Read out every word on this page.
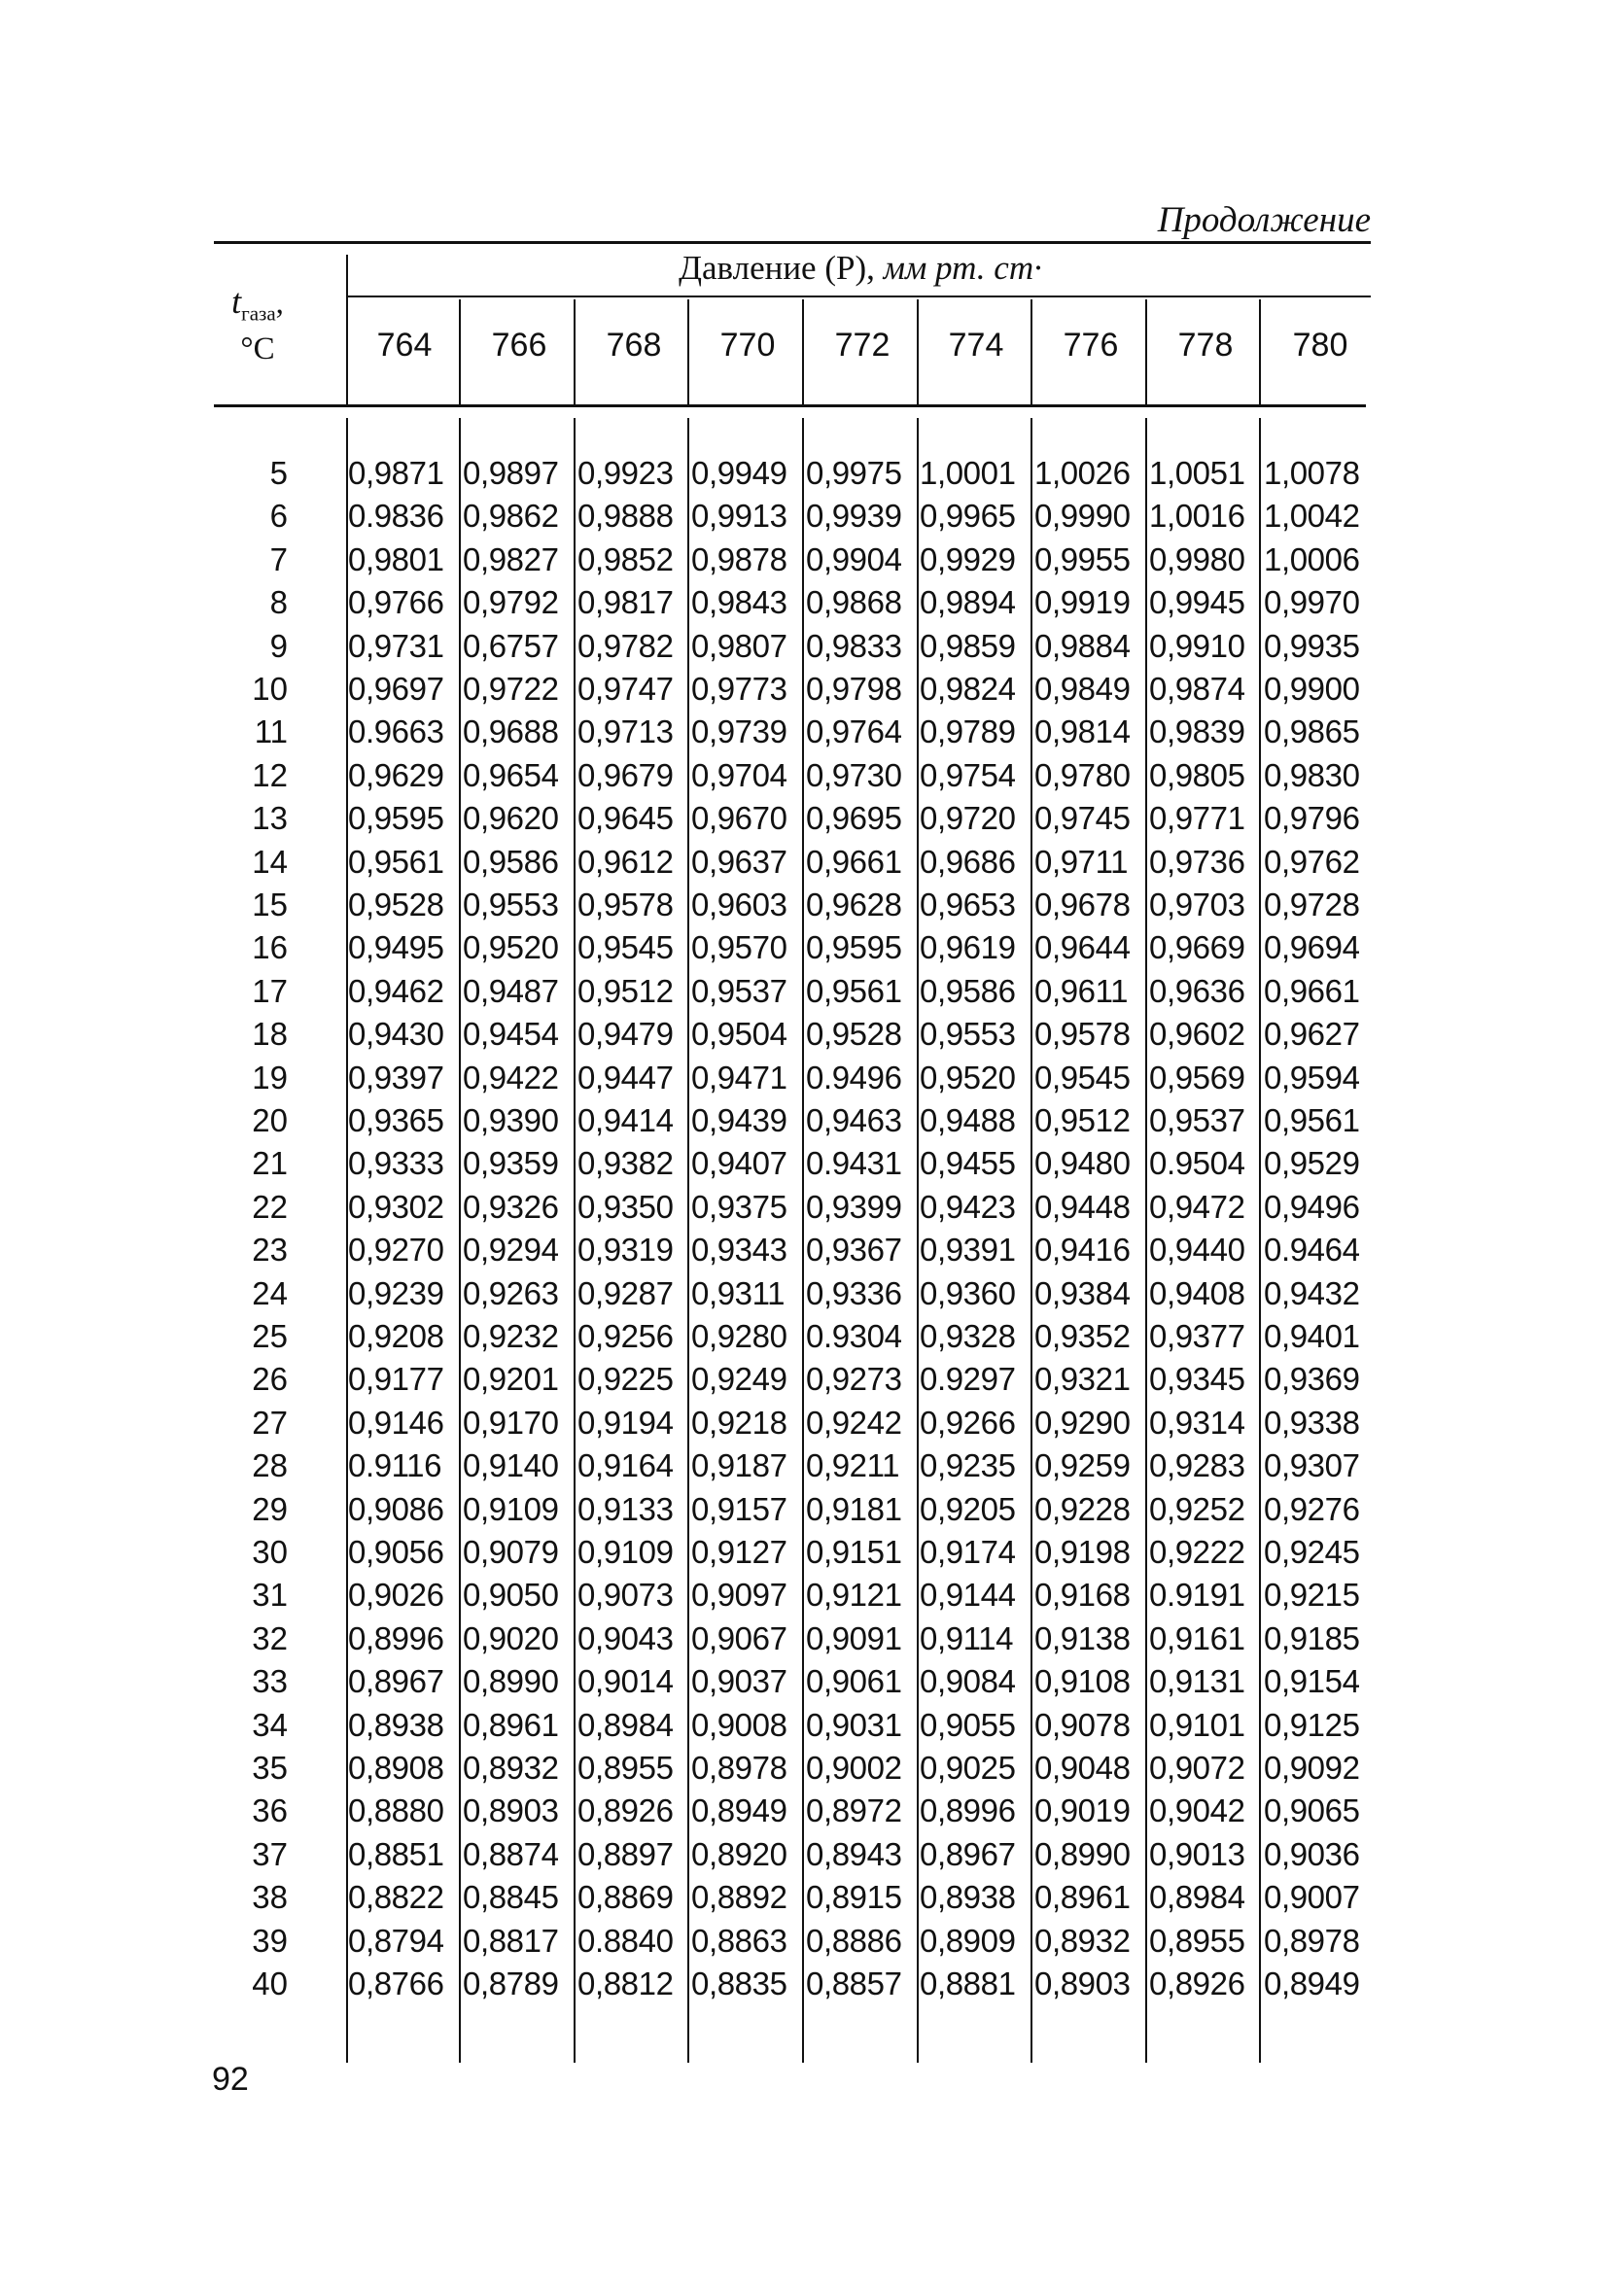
Продолжение
Давление (Р), мм рт. ст·
$t_{газа}$,
°C	764	766	768	770	772	774	776	778	780
5 0,9871 0,9897 0,9923 0,9949 0,9975 1,0001 1,0026 1,0051 1,0078
6 0.9836 0,9862 0,9888 0,9913 0,9939 0,9965 0,9990 1,0016 1,0042
7 0,9801 0,9827 0,9852 0,9878 0,9904 0,9929 0,9955 0,9980 1,0006
8 0,9766 0,9792 0,9817 0,9843 0,9868 0,9894 0,9919 0,9945 0,9970
9 0,9731 0,6757 0,9782 0,9807 0,9833 0,9859 0,9884 0,9910 0,9935
10 0,9697 0,9722 0,9747 0,9773 0,9798 0,9824 0,9849 0,9874 0,9900
11 0.9663 0,9688 0,9713 0,9739 0,9764 0,9789 0,9814 0,9839 0,9865
12 0,9629 0,9654 0,9679 0,9704 0,9730 0,9754 0,9780 0,9805 0,9830
13 0,9595 0,9620 0,9645 0,9670 0,9695 0,9720 0,9745 0,9771 0,9796
14 0,9561 0,9586 0,9612 0,9637 0,9661 0,9686 0,9711 0,9736 0,9762
15 0,9528 0,9553 0,9578 0,9603 0,9628 0,9653 0,9678 0,9703 0,9728
16 0,9495 0,9520 0,9545 0,9570 0,9595 0,9619 0,9644 0,9669 0,9694
17 0,9462 0,9487 0,9512 0,9537 0,9561 0,9586 0,9611 0,9636 0,9661
18 0,9430 0,9454 0,9479 0,9504 0,9528 0,9553 0,9578 0,9602 0,9627
19 0,9397 0,9422 0,9447 0,9471 0.9496 0,9520 0,9545 0,9569 0,9594
20 0,9365 0,9390 0,9414 0,9439 0,9463 0,9488 0,9512 0,9537 0,9561
21 0,9333 0,9359 0,9382 0,9407 0.9431 0,9455 0,9480 0.9504 0,9529
22 0,9302 0,9326 0,9350 0,9375 0,9399 0,9423 0,9448 0,9472 0,9496
23 0,9270 0,9294 0,9319 0,9343 0,9367 0,9391 0,9416 0,9440 0.9464
24 0,9239 0,9263 0,9287 0,9311 0,9336 0,9360 0,9384 0,9408 0,9432
25 0,9208 0,9232 0,9256 0,9280 0.9304 0,9328 0,9352 0,9377 0,9401
26 0,9177 0,9201 0,9225 0,9249 0,9273 0.9297 0,9321 0,9345 0,9369
27 0,9146 0,9170 0,9194 0,9218 0,9242 0,9266 0,9290 0,9314 0,9338
28 0.9116 0,9140 0,9164 0,9187 0,9211 0,9235 0,9259 0,9283 0,9307
29 0,9086 0,9109 0,9133 0,9157 0,9181 0,9205 0,9228 0,9252 0,9276
30 0,9056 0,9079 0,9109 0,9127 0,9151 0,9174 0,9198 0,9222 0,9245
31 0,9026 0,9050 0,9073 0,9097 0,9121 0,9144 0,9168 0.9191 0,9215
32 0,8996 0,9020 0,9043 0,9067 0,9091 0,9114 0,9138 0,9161 0,9185
33 0,8967 0,8990 0,9014 0,9037 0,9061 0,9084 0,9108 0,9131 0,9154
34 0,8938 0,8961 0,8984 0,9008 0,9031 0,9055 0,9078 0,9101 0,9125
35 0,8908 0,8932 0,8955 0,8978 0,9002 0,9025 0,9048 0,9072 0,9092
36 0,8880 0,8903 0,8926 0,8949 0,8972 0,8996 0,9019 0,9042 0,9065
37 0,8851 0,8874 0,8897 0,8920 0,8943 0,8967 0,8990 0,9013 0,9036
38 0,8822 0,8845 0,8869 0,8892 0,8915 0,8938 0,8961 0,8984 0,9007
39 0,8794 0,8817 0.8840 0,8863 0,8886 0,8909 0,8932 0,8955 0,8978
40 0,8766 0,8789 0,8812 0,8835 0,8857 0,8881 0,8903 0,8926 0,8949
92
